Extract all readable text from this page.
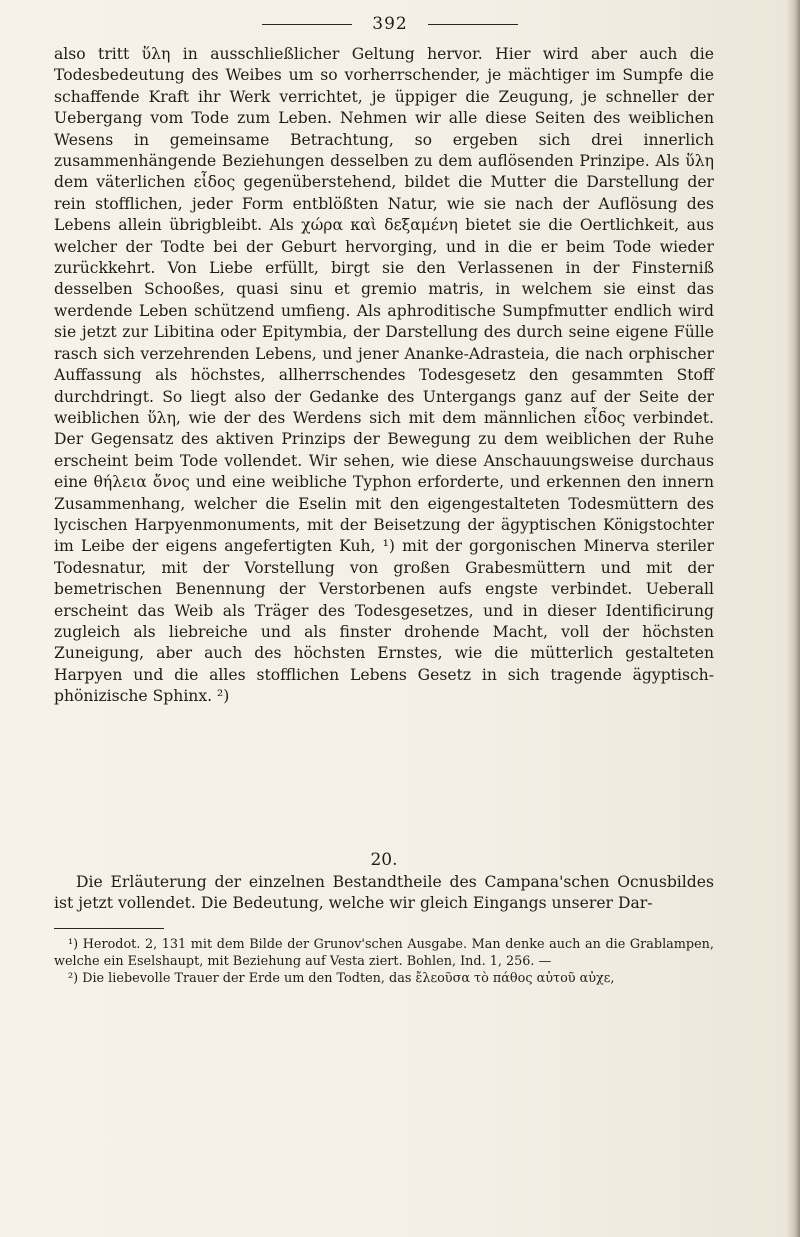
392
also tritt ὕλη in ausschließlicher Geltung hervor. Hier wird aber auch die Todesbedeutung des Weibes um so vorherrschender, je mächtiger im Sumpfe die schaffende Kraft ihr Werk verrichtet, je üppiger die Zeugung, je schneller der Uebergang vom Tode zum Leben. Nehmen wir alle diese Seiten des weiblichen Wesens in gemeinsame Betrachtung, so ergeben sich drei innerlich zusammenhängende Beziehungen desselben zu dem auflösenden Prinzipe. Als ὕλη dem väterlichen εἶδος gegenüberstehend, bildet die Mutter die Darstellung der rein stofflichen, jeder Form entblößten Natur, wie sie nach der Auflösung des Lebens allein übrigbleibt. Als χώρα καὶ δεξαμένη bietet sie die Oertlichkeit, aus welcher der Todte bei der Geburt hervorging, und in die er beim Tode wieder zurückkehrt. Von Liebe erfüllt, birgt sie den Verlassenen in der Finsterniß desselben Schooßes, quasi sinu et gremio matris, in welchem sie einst das werdende Leben schützend umfieng. Als aphroditische Sumpfmutter endlich wird sie jetzt zur Libitina oder Epitymbia, der Darstellung des durch seine eigene Fülle rasch sich verzehrenden Lebens, und jener Ananke-Adrasteia, die nach orphischer Auffassung als höchstes, allherrschendes Todesgesetz den gesammten Stoff durchdringt. So liegt also der Gedanke des Untergangs ganz auf der Seite der weiblichen ὕλη, wie der des Werdens sich mit dem männlichen εἶδος verbindet. Der Gegensatz des aktiven Prinzips der Bewegung zu dem weiblichen der Ruhe erscheint beim Tode vollendet. Wir sehen, wie diese Anschauungsweise durchaus eine θήλεια ὄνος und eine weibliche Typhon erforderte, und erkennen den innern Zusammenhang, welcher die Eselin mit den eigengestalteten Todesmüttern des lycischen Harpyenmonuments, mit der Beisetzung der ägyptischen Königstochter im Leibe der eigens angefertigten Kuh, ¹) mit der gorgonischen Minerva steriler Todesnatur, mit der Vorstellung von großen Grabesmüttern und mit der bemetrischen Benennung der Verstorbenen aufs engste verbindet. Ueberall erscheint das Weib als Träger des Todesgesetzes, und in dieser Identificirung zugleich als liebreiche und als finster drohende Macht, voll der höchsten Zuneigung, aber auch des höchsten Ernstes, wie die mütterlich gestalteten Harpyen und die alles stofflichen Lebens Gesetz in sich tragende ägyptisch-phönizische Sphinx. ²)
20.
Die Erläuterung der einzelnen Bestandtheile des Campana'schen Ocnusbildes ist jetzt vollendet. Die Bedeutung, welche wir gleich Eingangs unserer Dar-

¹) Herodot. 2, 131 mit dem Bilde der Grunov'schen Ausgabe. Man denke auch an die Grablampen, welche ein Eselshaupt, mit Beziehung auf Vesta ziert. Bohlen, Ind. 1, 256. —

²) Die liebevolle Trauer der Erde um den Todten, das ἔλεοῦσα τὸ πάθος αὐτοῦ αὐχε,
